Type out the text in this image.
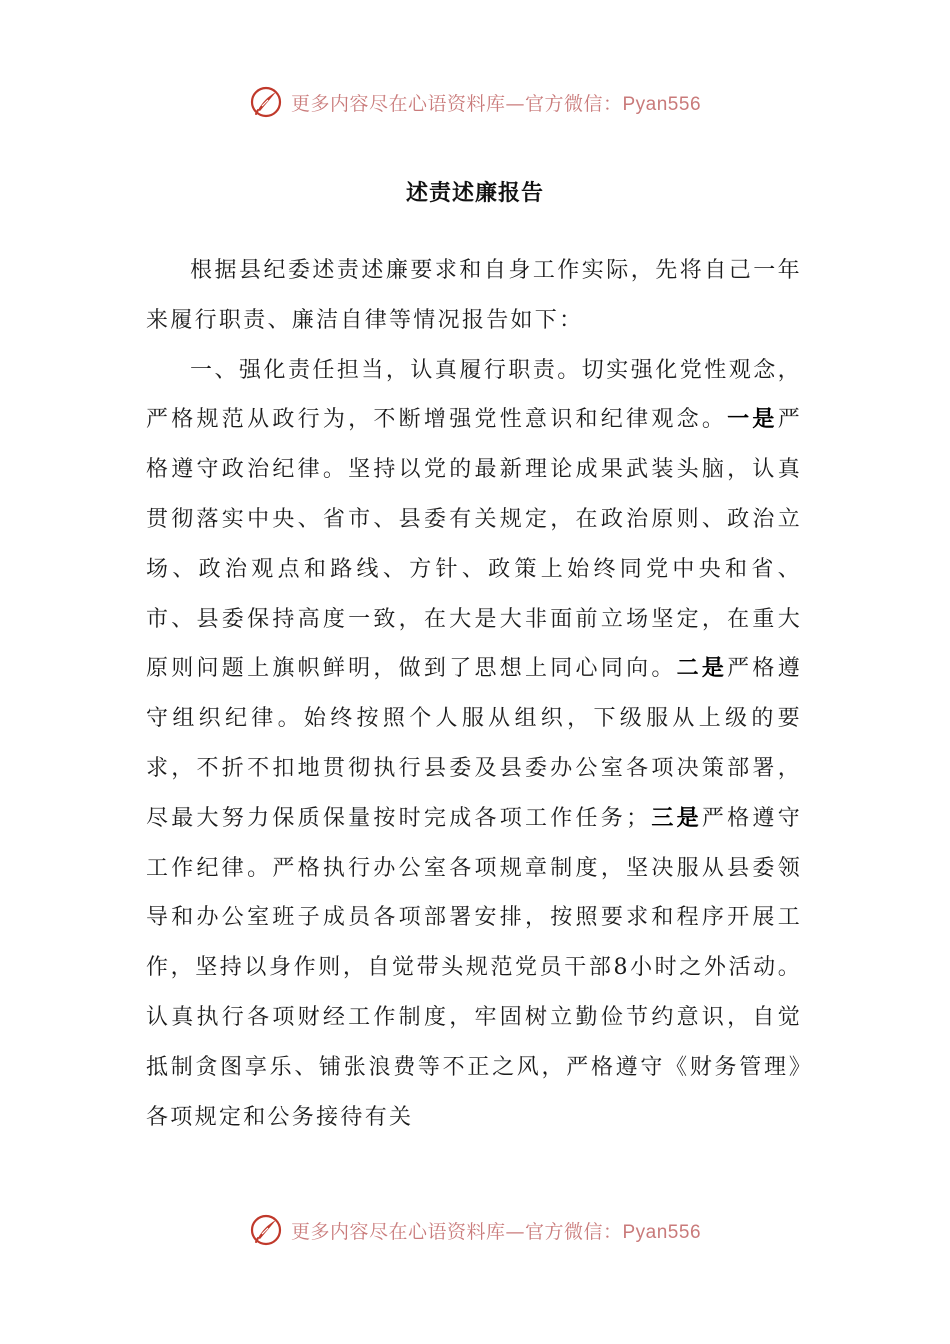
更多内容尽在心语资料库—官方微信：Pyan556
述责述廉报告

根据县纪委述责述廉要求和自身工作实际，先将自己一年来履行职责、廉洁自律等情况报告如下：

一、强化责任担当，认真履行职责。切实强化党性观念，严格规范从政行为，不断增强党性意识和纪律观念。一是严格遵守政治纪律。坚持以党的最新理论成果武装头脑，认真贯彻落实中央、省市、县委有关规定，在政治原则、政治立场、政治观点和路线、方针、政策上始终同党中央和省、市、县委保持高度一致，在大是大非面前立场坚定，在重大原则问题上旗帜鲜明，做到了思想上同心同向。二是严格遵守组织纪律。始终按照个人服从组织，下级服从上级的要求，不折不扣地贯彻执行县委及县委办公室各项决策部署，尽最大努力保质保量按时完成各项工作任务；三是严格遵守工作纪律。严格执行办公室各项规章制度，坚决服从县委领导和办公室班子成员各项部署安排，按照要求和程序开展工作，坚持以身作则，自觉带头规范党员干部8小时之外活动。认真执行各项财经工作制度，牢固树立勤俭节约意识，自觉抵制贪图享乐、铺张浪费等不正之风，严格遵守《财务管理》各项规定和公务接待有关

更多内容尽在心语资料库—官方微信：Pyan556
